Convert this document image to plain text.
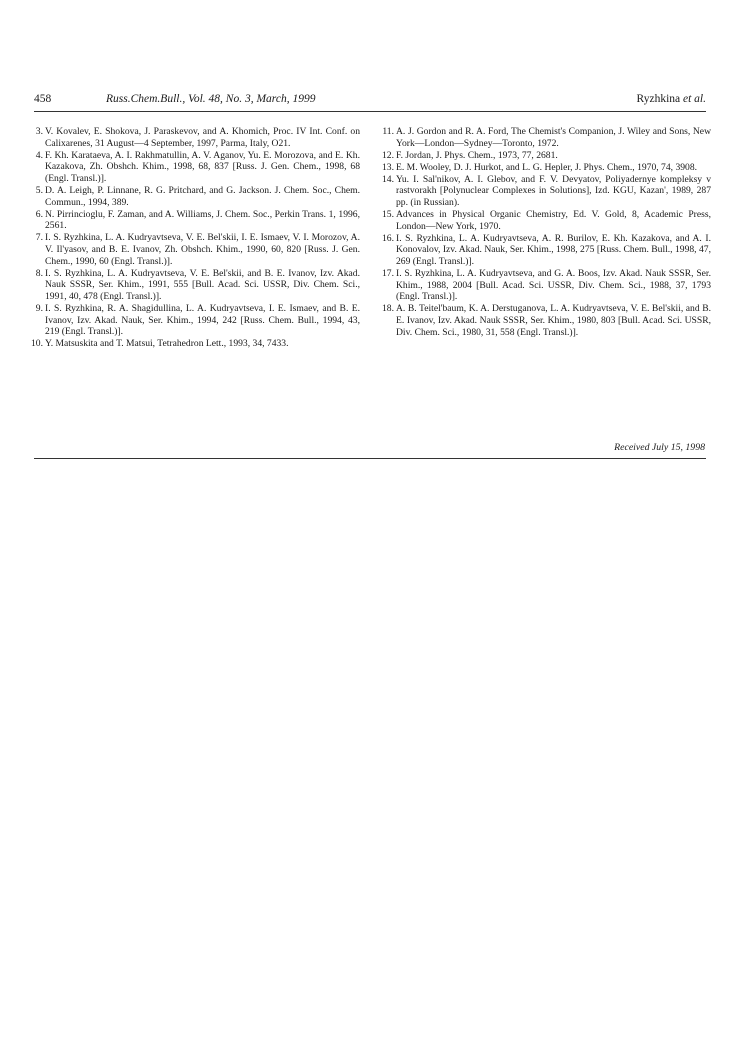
458	Russ.Chem.Bull., Vol. 48, No. 3, March, 1999	Ryzhkina et al.
3. V. Kovalev, E. Shokova, J. Paraskevov, and A. Khomich, Proc. IV Int. Conf. on Calixarenes, 31 August—4 September, 1997, Parma, Italy, O21.
4. F. Kh. Karataeva, A. I. Rakhmatullin, A. V. Aganov, Yu. E. Morozova, and E. Kh. Kazakova, Zh. Obshch. Khim., 1998, 68, 837 [Russ. J. Gen. Chem., 1998, 68 (Engl. Transl.)].
5. D. A. Leigh, P. Linnane, R. G. Pritchard, and G. Jackson. J. Chem. Soc., Chem. Commun., 1994, 389.
6. N. Pirrincioglu, F. Zaman, and A. Williams, J. Chem. Soc., Perkin Trans. 1, 1996, 2561.
7. I. S. Ryzhkina, L. A. Kudryavtseva, V. E. Bel'skii, I. E. Ismaev, V. I. Morozov, A. V. Il'yasov, and B. E. Ivanov, Zh. Obshch. Khim., 1990, 60, 820 [Russ. J. Gen. Chem., 1990, 60 (Engl. Transl.)].
8. I. S. Ryzhkina, L. A. Kudryavtseva, V. E. Bel'skii, and B. E. Ivanov, Izv. Akad. Nauk SSSR, Ser. Khim., 1991, 555 [Bull. Acad. Sci. USSR, Div. Chem. Sci., 1991, 40, 478 (Engl. Transl.)].
9. I. S. Ryzhkina, R. A. Shagidullina, L. A. Kudryavtseva, I. E. Ismaev, and B. E. Ivanov, Izv. Akad. Nauk, Ser. Khim., 1994, 242 [Russ. Chem. Bull., 1994, 43, 219 (Engl. Transl.)].
10. Y. Matsuskita and T. Matsui, Tetrahedron Lett., 1993, 34, 7433.
11. A. J. Gordon and R. A. Ford, The Chemist's Companion, J. Wiley and Sons, New York—London—Sydney—Toronto, 1972.
12. F. Jordan, J. Phys. Chem., 1973, 77, 2681.
13. E. M. Wooley, D. J. Hurkot, and L. G. Hepler, J. Phys. Chem., 1970, 74, 3908.
14. Yu. I. Sal'nikov, A. I. Glebov, and F. V. Devyatov, Poliyadernye kompleksy v rastvorakh [Polynuclear Complexes in Solutions], Izd. KGU, Kazan', 1989, 287 pp. (in Russian).
15. Advances in Physical Organic Chemistry, Ed. V. Gold, 8, Academic Press, London—New York, 1970.
16. I. S. Ryzhkina, L. A. Kudryavtseva, A. R. Burilov, E. Kh. Kazakova, and A. I. Konovalov, Izv. Akad. Nauk, Ser. Khim., 1998, 275 [Russ. Chem. Bull., 1998, 47, 269 (Engl. Transl.)].
17. I. S. Ryzhkina, L. A. Kudryavtseva, and G. A. Boos, Izv. Akad. Nauk SSSR, Ser. Khim., 1988, 2004 [Bull. Acad. Sci. USSR, Div. Chem. Sci., 1988, 37, 1793 (Engl. Transl.)].
18. A. B. Teitel'baum, K. A. Derstuganova, L. A. Kudryavtseva, V. E. Bel'skii, and B. E. Ivanov, Izv. Akad. Nauk SSSR, Ser. Khim., 1980, 803 [Bull. Acad. Sci. USSR, Div. Chem. Sci., 1980, 31, 558 (Engl. Transl.)].
Received July 15, 1998
